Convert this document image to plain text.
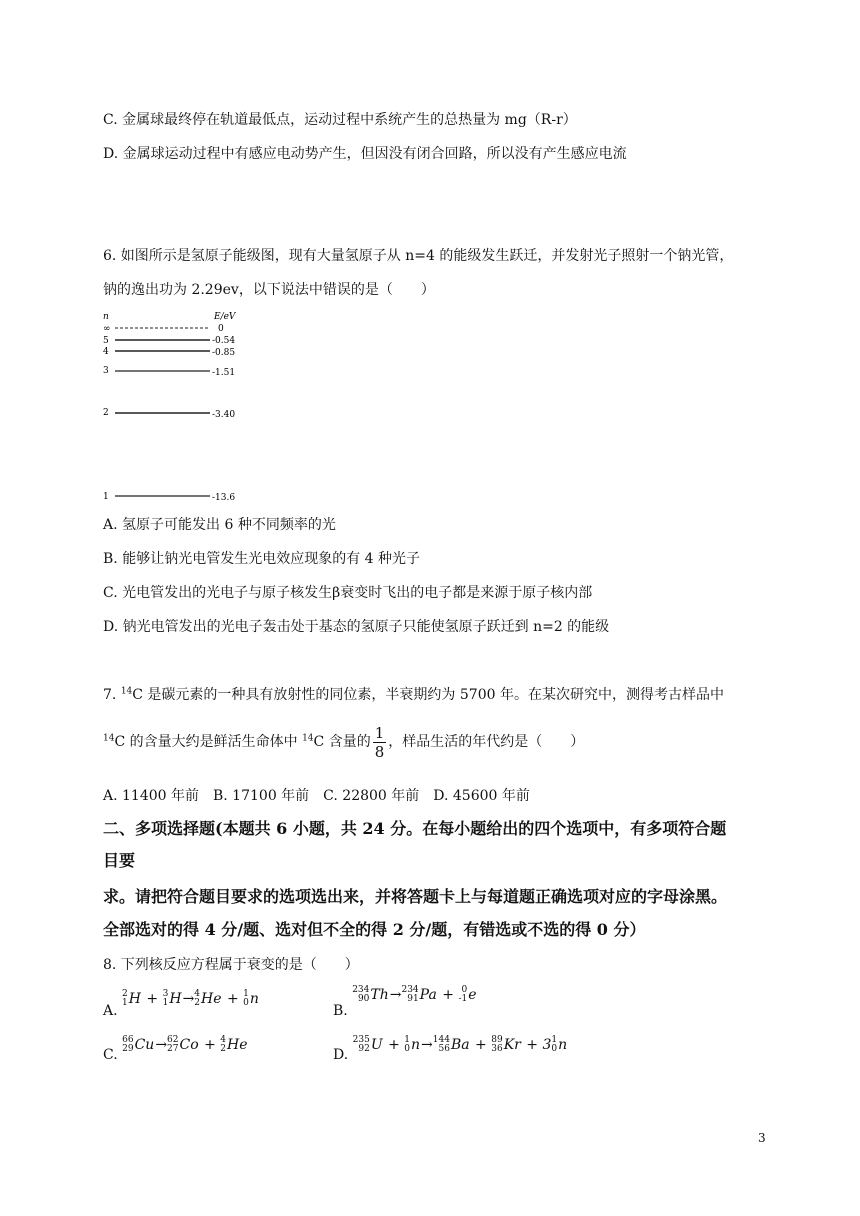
C. 金属球最终停在轨道最低点，运动过程中系统产生的总热量为 mg（R-r）
D. 金属球运动过程中有感应电动势产生，但因没有闭合回路，所以没有产生感应电流
6. 如图所示是氢原子能级图，现有大量氢原子从 n=4 的能级发生跃迁，并发射光子照射一个钠光管，
钠的逸出功为 2.29ev，以下说法中错误的是（　　）
n	E/eV
∞	0
5	-0.54
4	-0.85
3	-1.51
2	-3.40
1	-13.6
A. 氢原子可能发出 6 种不同频率的光
B. 能够让钠光电管发生光电效应现象的有 4 种光子
C. 光电管发出的光电子与原子核发生β衰变时飞出的电子都是来源于原子核内部
D. 钠光电管发出的光电子轰击处于基态的氢原子只能使氢原子跃迁到 n=2 的能级
7. $^{14}$C 是碳元素的一种具有放射性的同位素，半衰期约为 5700 年。在某次研究中，测得考古样品中
$^{14}$C 的含量大约是鲜活生命体中 $^{14}$C 含量的 $\frac{1}{8}$ ，样品生活的年代约是（　　）
A. 11400 年前　B. 17100 年前　C. 22800 年前　D. 45600 年前
二、多项选择题(本题共 6 小题，共 24 分。在每小题给出的四个选项中，有多项符合题
目要
求。请把符合题目要求的选项选出来，并将答题卡上与每道题正确选项对应的字母涂黑。
全部选对的得 4 分/题、选对但不全的得 2 分/题，有错选或不选的得 0 分）
8. 下列核反应方程属于衰变的是（　　）
A.
2
1 H + 3
1 H→ 4
2 He + 1
0 n
B.
234
90 Th→ 234
91 Pa + 0
-1 e
C.
66
29 Cu→ 62
27 Co + 4
2 He
D.
235
92 U + 1
0 n→ 144
56 Ba + 89
36 Kr + 3 1
0 n
3
